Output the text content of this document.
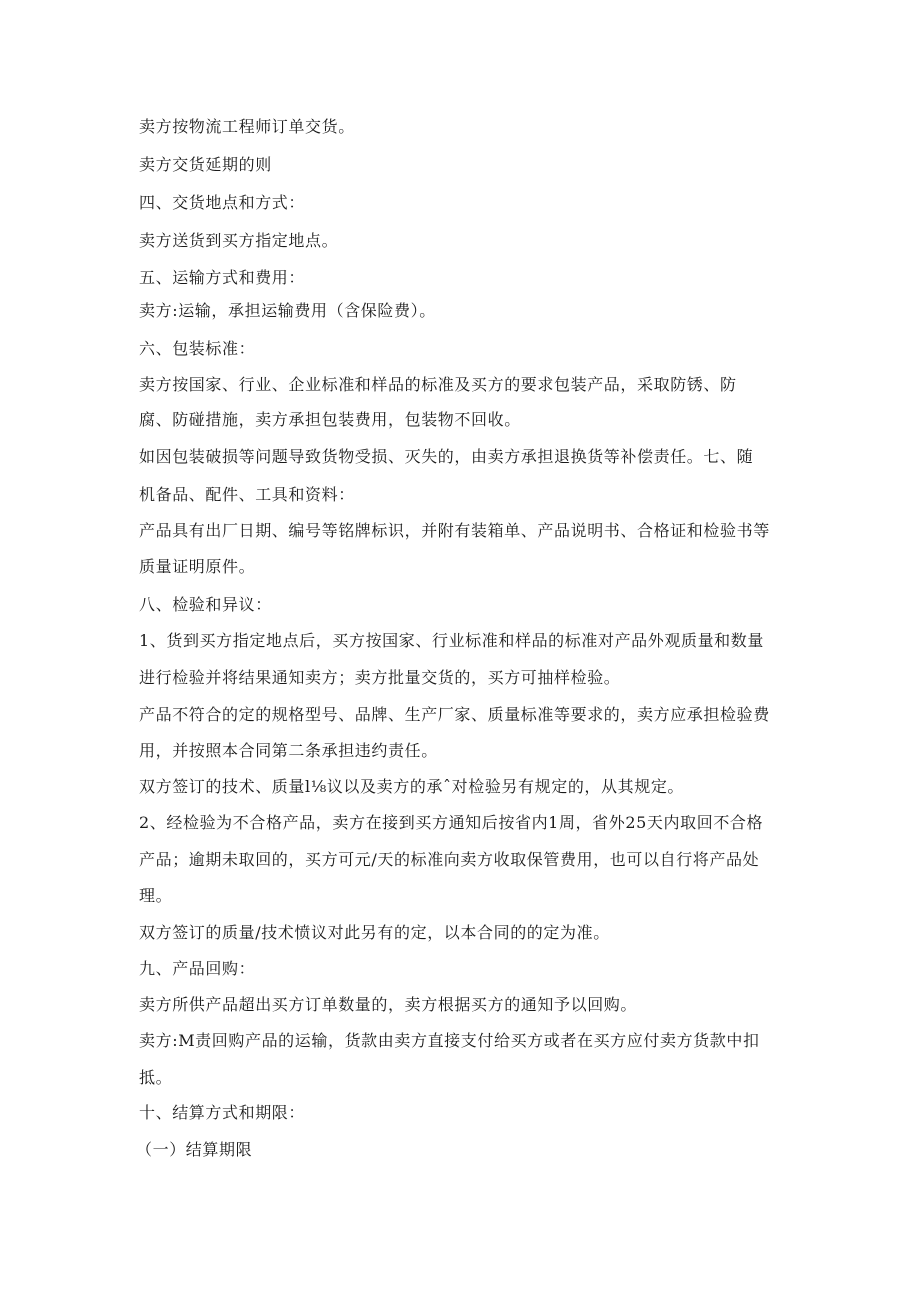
卖方按物流工程师订单交货。
卖方交货延期的则
四、交货地点和方式：
卖方送货到买方指定地点。
五、运输方式和费用：
卖方:运输，承担运输费用（含保险费）。
六、包装标准：
卖方按国家、行业、企业标准和样品的标准及买方的要求包装产品，采取防锈、防
腐、防碰措施，卖方承担包装费用，包装物不回收。
如因包装破损等问题导致货物受损、灭失的，由卖方承担退换货等补偿责任。七、随
机备品、配件、工具和资料：
产品具有出厂日期、编号等铭牌标识，并附有装箱单、产品说明书、合格证和检验书等
质量证明原件。
八、检验和异议：
1、货到买方指定地点后，买方按国家、行业标准和样品的标准对产品外观质量和数量
进行检验并将结果通知卖方；卖方批量交货的，买方可抽样检验。
产品不符合的定的规格型号、品牌、生产厂家、质量标准等要求的，卖方应承担检验费
用，并按照本合同第二条承担违约责任。
双方签订的技术、质量l⅛议以及卖方的承ˆ对检验另有规定的，从其规定。
2、经检验为不合格产品，卖方在接到买方通知后按省内1周，省外25天内取回不合格
产品；逾期未取回的，买方可元/天的标准向卖方收取保管费用，也可以自行将产品处
理。
双方签订的质量/技术愤议对此另有的定，以本合同的的定为准。
九、产品回购：
卖方所供产品超出买方订单数量的，卖方根据买方的通知予以回购。
卖方:M责回购产品的运输，货款由卖方直接支付给买方或者在买方应付卖方货款中扣
抵。
十、结算方式和期限：
（一）结算期限
